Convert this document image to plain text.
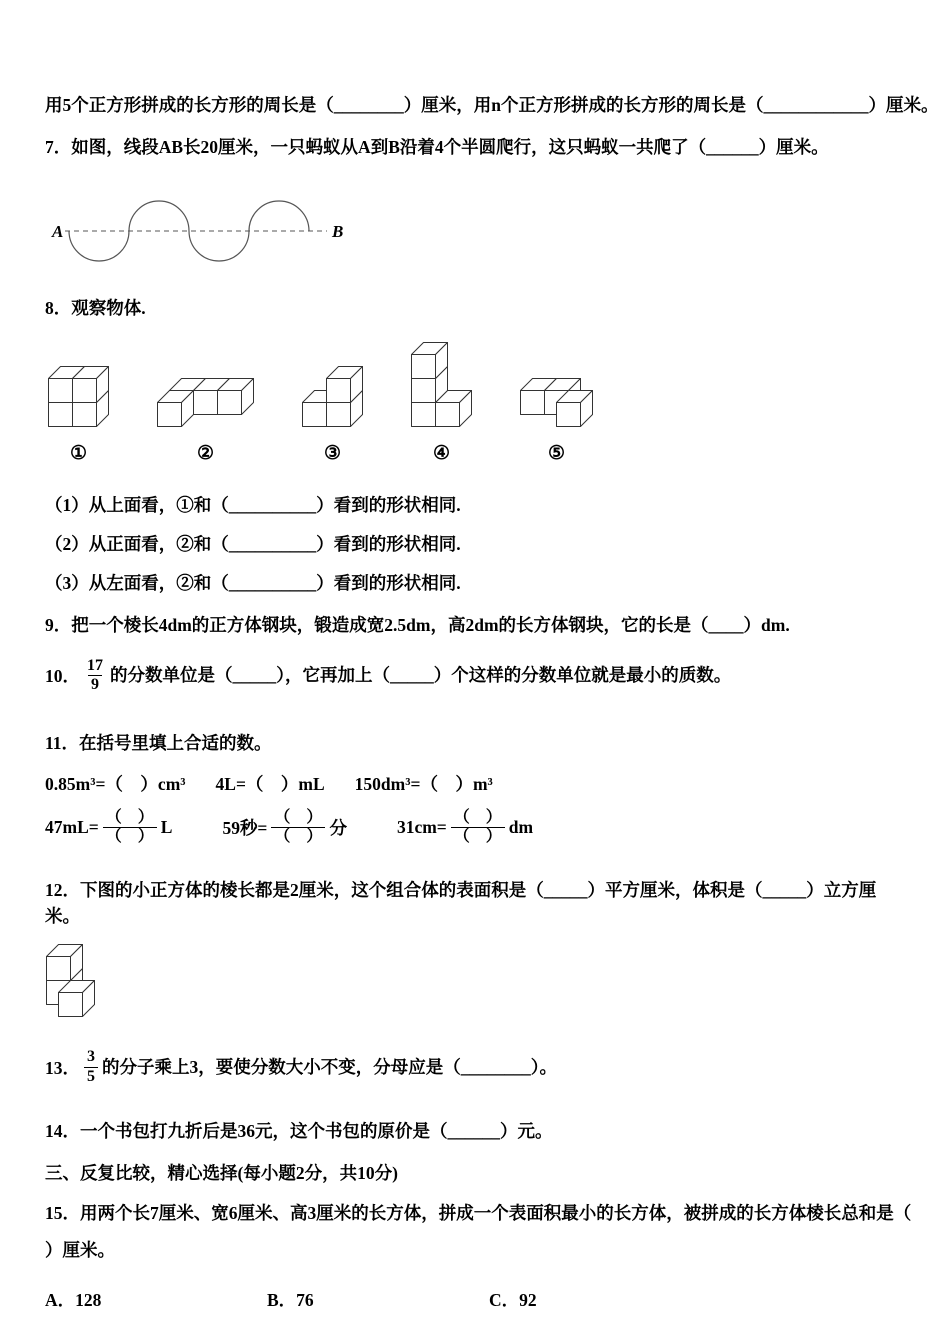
用5个正方形拼成的长方形的周长是（________）厘米，用n个正方形拼成的长方形的周长是（____________）厘米。

7．如图，线段AB长20厘米，一只蚂蚁从A到B沿着4个半圆爬行，这只蚂蚁一共爬了（______）厘米。

A	B

8．观察物体.

①	②	③	④	⑤

（1）从上面看，①和（__________）看到的形状相同.

（2）从正面看，②和（__________）看到的形状相同.

（3）从左面看，②和（__________）看到的形状相同.

9．把一个棱长4dm的正方体钢块，锻造成宽2.5dm，高2dm的长方体钢块，它的长是（____）dm.

10． $\frac{17}{9}$ 的分数单位是（_____），它再加上（_____）个这样的分数单位就是最小的质数。

11．在括号里填上合适的数。

0.85m³=（　）cm³ 4L=（　）mL 150dm³=（　）m³
$47mL= \frac{( )}{( )}$ L	59秒= $\frac{( )}{( )}$ 分	$31cm= \frac{( )}{( )}$ dm

12．下图的小正方体的棱长都是2厘米，这个组合体的表面积是（_____）平方厘米，体积是（_____）立方厘米。

13． $\frac{3}{5}$ 的分子乘上3，要使分数大小不变，分母应是（________）。

14．一个书包打九折后是36元，这个书包的原价是（______）元。

三、反复比较，精心选择(每小题2分，共10分)

15．用两个长7厘米、宽6厘米、高3厘米的长方体，拼成一个表面积最小的长方体，被拼成的长方体棱长总和是（

）厘米。

A．128	B．76	C．92
